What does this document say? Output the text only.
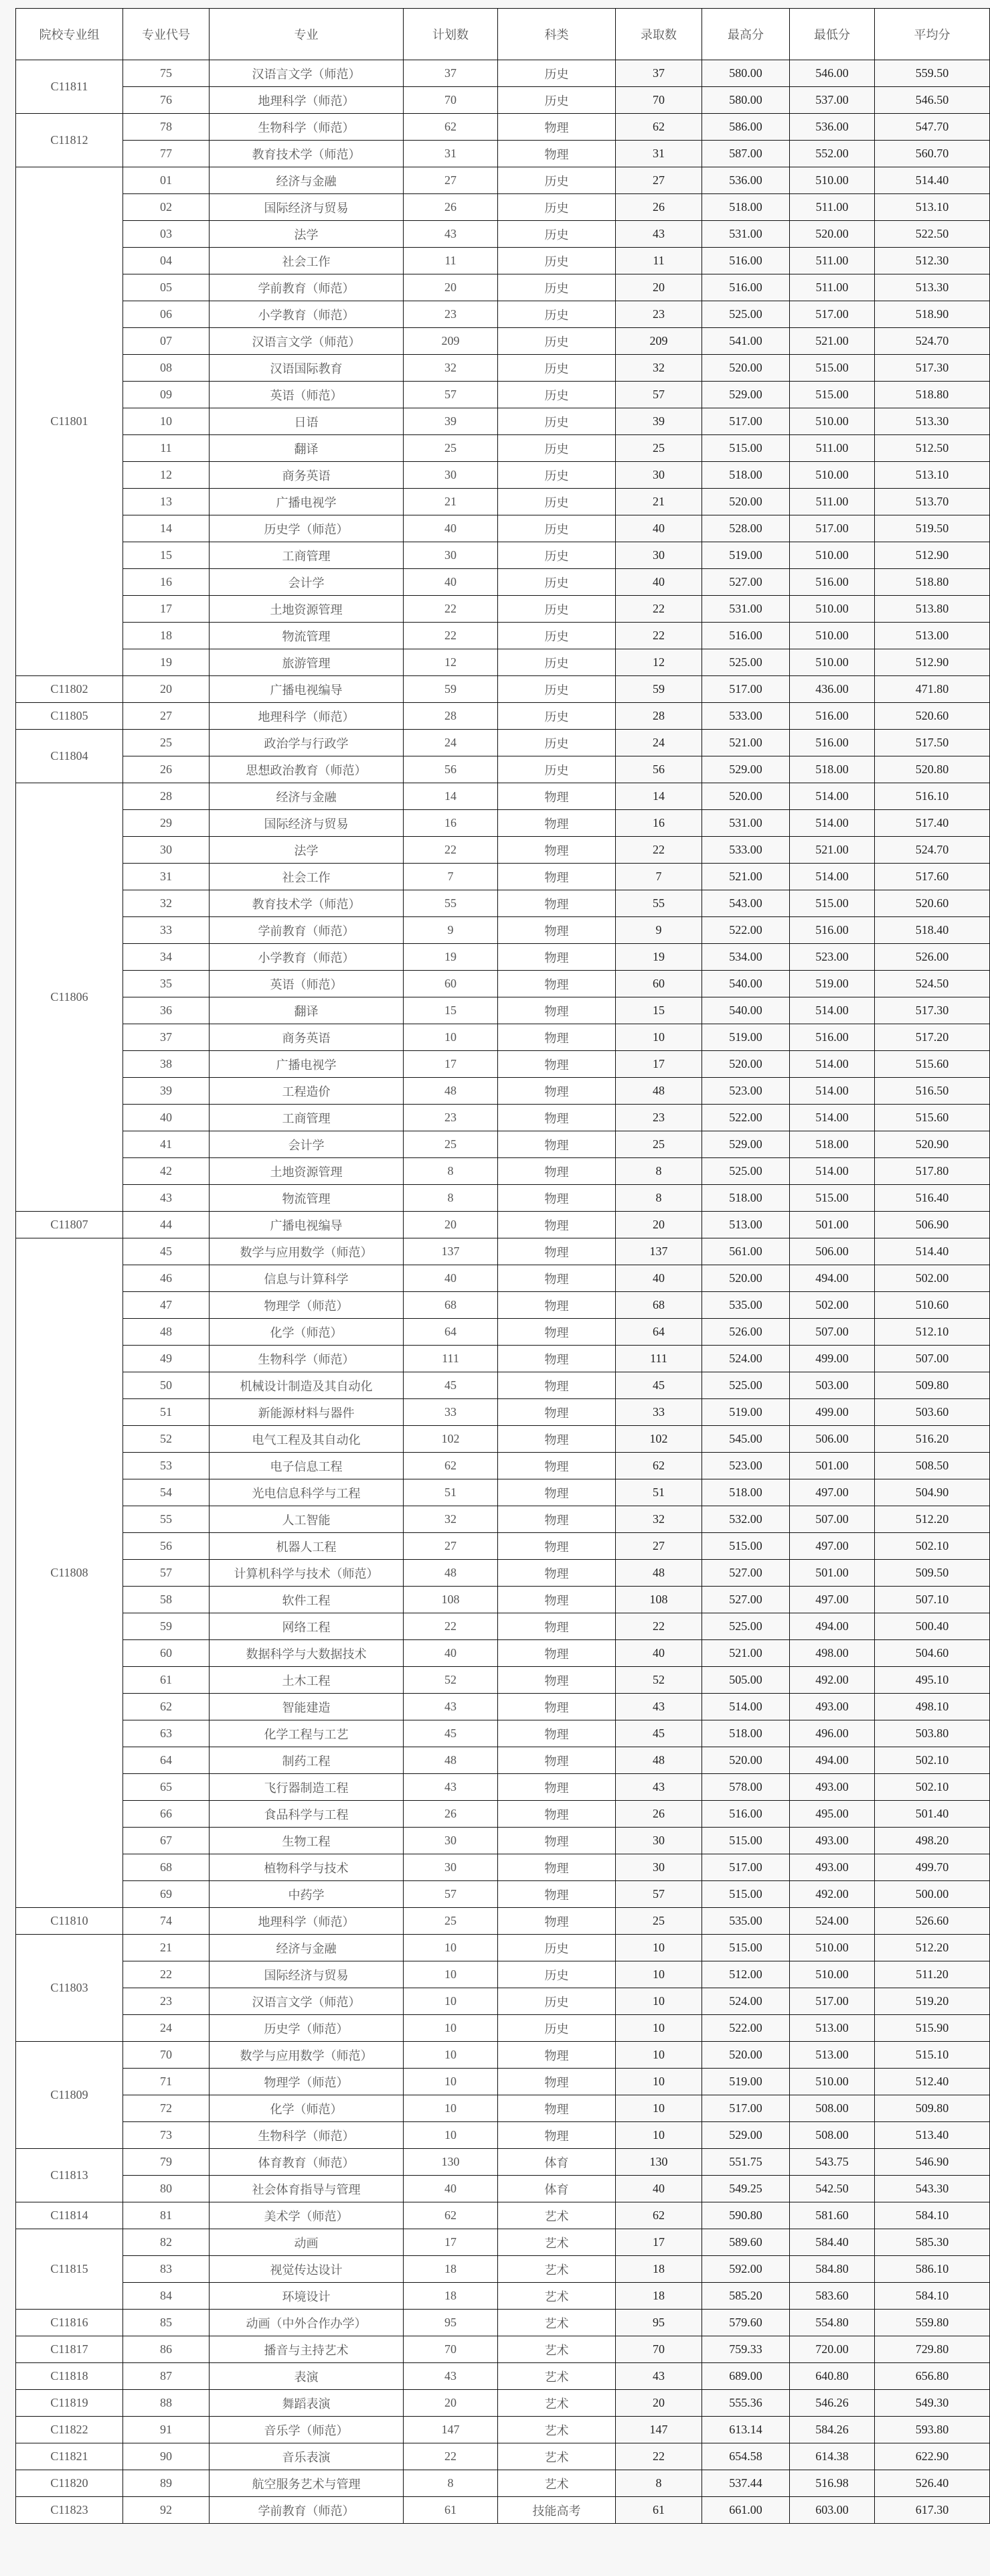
院校专业组	专业代号	专业	计划数	科类	录取数	最高分	最低分	平均分
C11811	75	汉语言文学（师范）	37	历史	37	580.00	546.00	559.50
	76	地理科学（师范）	70	历史	70	580.00	537.00	546.50
C11812	78	生物科学（师范）	62	物理	62	586.00	536.00	547.70
	77	教育技术学（师范）	31	物理	31	587.00	552.00	560.70
C11801	01	经济与金融	27	历史	27	536.00	510.00	514.40
	02	国际经济与贸易	26	历史	26	518.00	511.00	513.10
	03	法学	43	历史	43	531.00	520.00	522.50
	04	社会工作	11	历史	11	516.00	511.00	512.30
	05	学前教育（师范）	20	历史	20	516.00	511.00	513.30
	06	小学教育（师范）	23	历史	23	525.00	517.00	518.90
	07	汉语言文学（师范）	209	历史	209	541.00	521.00	524.70
	08	汉语国际教育	32	历史	32	520.00	515.00	517.30
	09	英语（师范）	57	历史	57	529.00	515.00	518.80
	10	日语	39	历史	39	517.00	510.00	513.30
	11	翻译	25	历史	25	515.00	511.00	512.50
	12	商务英语	30	历史	30	518.00	510.00	513.10
	13	广播电视学	21	历史	21	520.00	511.00	513.70
	14	历史学（师范）	40	历史	40	528.00	517.00	519.50
	15	工商管理	30	历史	30	519.00	510.00	512.90
	16	会计学	40	历史	40	527.00	516.00	518.80
	17	土地资源管理	22	历史	22	531.00	510.00	513.80
	18	物流管理	22	历史	22	516.00	510.00	513.00
	19	旅游管理	12	历史	12	525.00	510.00	512.90
C11802	20	广播电视编导	59	历史	59	517.00	436.00	471.80
C11805	27	地理科学（师范）	28	历史	28	533.00	516.00	520.60
C11804	25	政治学与行政学	24	历史	24	521.00	516.00	517.50
	26	思想政治教育（师范）	56	历史	56	529.00	518.00	520.80
C11806	28	经济与金融	14	物理	14	520.00	514.00	516.10
	29	国际经济与贸易	16	物理	16	531.00	514.00	517.40
	30	法学	22	物理	22	533.00	521.00	524.70
	31	社会工作	7	物理	7	521.00	514.00	517.60
	32	教育技术学（师范）	55	物理	55	543.00	515.00	520.60
	33	学前教育（师范）	9	物理	9	522.00	516.00	518.40
	34	小学教育（师范）	19	物理	19	534.00	523.00	526.00
	35	英语（师范）	60	物理	60	540.00	519.00	524.50
	36	翻译	15	物理	15	540.00	514.00	517.30
	37	商务英语	10	物理	10	519.00	516.00	517.20
	38	广播电视学	17	物理	17	520.00	514.00	515.60
	39	工程造价	48	物理	48	523.00	514.00	516.50
	40	工商管理	23	物理	23	522.00	514.00	515.60
	41	会计学	25	物理	25	529.00	518.00	520.90
	42	土地资源管理	8	物理	8	525.00	514.00	517.80
	43	物流管理	8	物理	8	518.00	515.00	516.40
C11807	44	广播电视编导	20	物理	20	513.00	501.00	506.90
C11808	45	数学与应用数学（师范）	137	物理	137	561.00	506.00	514.40
	46	信息与计算科学	40	物理	40	520.00	494.00	502.00
	47	物理学（师范）	68	物理	68	535.00	502.00	510.60
	48	化学（师范）	64	物理	64	526.00	507.00	512.10
	49	生物科学（师范）	111	物理	111	524.00	499.00	507.00
	50	机械设计制造及其自动化	45	物理	45	525.00	503.00	509.80
	51	新能源材料与器件	33	物理	33	519.00	499.00	503.60
	52	电气工程及其自动化	102	物理	102	545.00	506.00	516.20
	53	电子信息工程	62	物理	62	523.00	501.00	508.50
	54	光电信息科学与工程	51	物理	51	518.00	497.00	504.90
	55	人工智能	32	物理	32	532.00	507.00	512.20
	56	机器人工程	27	物理	27	515.00	497.00	502.10
	57	计算机科学与技术（师范）	48	物理	48	527.00	501.00	509.50
	58	软件工程	108	物理	108	527.00	497.00	507.10
	59	网络工程	22	物理	22	525.00	494.00	500.40
	60	数据科学与大数据技术	40	物理	40	521.00	498.00	504.60
	61	土木工程	52	物理	52	505.00	492.00	495.10
	62	智能建造	43	物理	43	514.00	493.00	498.10
	63	化学工程与工艺	45	物理	45	518.00	496.00	503.80
	64	制药工程	48	物理	48	520.00	494.00	502.10
	65	飞行器制造工程	43	物理	43	578.00	493.00	502.10
	66	食品科学与工程	26	物理	26	516.00	495.00	501.40
	67	生物工程	30	物理	30	515.00	493.00	498.20
	68	植物科学与技术	30	物理	30	517.00	493.00	499.70
	69	中药学	57	物理	57	515.00	492.00	500.00
C11810	74	地理科学（师范）	25	物理	25	535.00	524.00	526.60
C11803	21	经济与金融	10	历史	10	515.00	510.00	512.20
	22	国际经济与贸易	10	历史	10	512.00	510.00	511.20
	23	汉语言文学（师范）	10	历史	10	524.00	517.00	519.20
	24	历史学（师范）	10	历史	10	522.00	513.00	515.90
C11809	70	数学与应用数学（师范）	10	物理	10	520.00	513.00	515.10
	71	物理学（师范）	10	物理	10	519.00	510.00	512.40
	72	化学（师范）	10	物理	10	517.00	508.00	509.80
	73	生物科学（师范）	10	物理	10	529.00	508.00	513.40
C11813	79	体育教育（师范）	130	体育	130	551.75	543.75	546.90
	80	社会体育指导与管理	40	体育	40	549.25	542.50	543.30
C11814	81	美术学（师范）	62	艺术	62	590.80	581.60	584.10
C11815	82	动画	17	艺术	17	589.60	584.40	585.30
	83	视觉传达设计	18	艺术	18	592.00	584.80	586.10
	84	环境设计	18	艺术	18	585.20	583.60	584.10
C11816	85	动画（中外合作办学）	95	艺术	95	579.60	554.80	559.80
C11817	86	播音与主持艺术	70	艺术	70	759.33	720.00	729.80
C11818	87	表演	43	艺术	43	689.00	640.80	656.80
C11819	88	舞蹈表演	20	艺术	20	555.36	546.26	549.30
C11822	91	音乐学（师范）	147	艺术	147	613.14	584.26	593.80
C11821	90	音乐表演	22	艺术	22	654.58	614.38	622.90
C11820	89	航空服务艺术与管理	8	艺术	8	537.44	516.98	526.40
C11823	92	学前教育（师范）	61	技能高考	61	661.00	603.00	617.30
